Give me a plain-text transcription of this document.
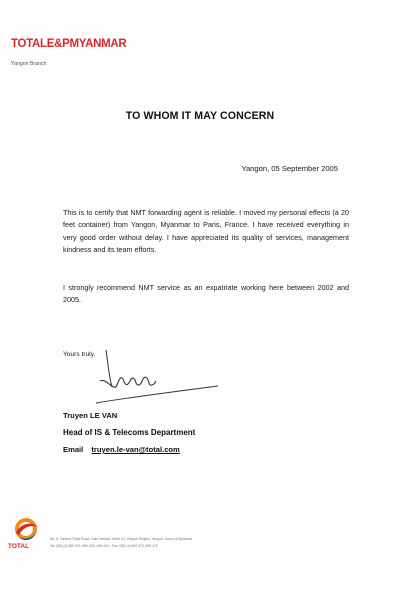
TOTALE&PMYANMAR
Yangon Branch
TO WHOM IT MAY CONCERN
Yangon, 05 September 2005
This is to certify that NMT forwarding agent is reliable. I moved my personal effects (a 20 feet container) from Yangon, Myanmar to Paris, France. I have received everything in very good order without delay. I have appreciated its quality of services, management kindness and its team efforts.
I strongly recommend NMT service as an expatriate working here between 2002 and 2005.
Yours truly,
Truyen LE VAN
Head of IS & Telecoms Department
Email truyen.le-van@total.com
TOTAL
No. 9, Tanbed Tinyé Road, Lake Yankini, Ward 10, Yangon Region, Yangon, Union of Myanmar
Tel: (95) (1) 650 471, 650 424, 650 444 - Fax: (95) (1) 650 473, 650 470
